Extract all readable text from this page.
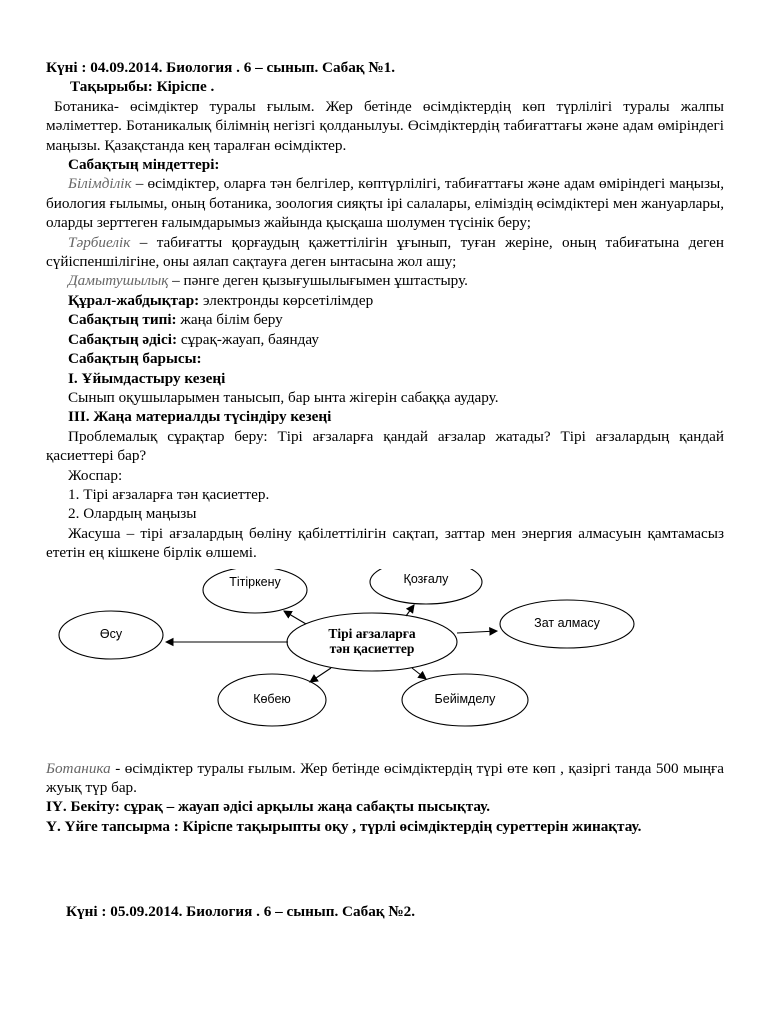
Күні : 04.09.2014. Биология . 6 – сынып. Сабақ №1.

Тақырыбы: Кіріспе .

Ботаника- өсімдіктер туралы ғылым. Жер бетінде өсімдіктердің көп түрлілігі туралы жалпы мәліметтер. Ботаникалық білімнің негізгі қолданылуы. Өсімдіктердің табиғаттағы және адам өміріндегі маңызы. Қазақстанда кең таралған өсімдіктер.

Сабақтың міндеттері:

Білімділік – өсімдіктер, оларға тән белгілер, көптүрлілігі, табиғаттағы және адам өміріндегі маңызы, биология ғылымы, оның ботаника, зоология сияқты ірі салалары, еліміздің өсімдіктері мен жануарлары, оларды зерттеген ғалымдарымыз жайында қысқаша шолумен түсінік беру;

Тәрбиелік – табиғатты қорғаудың қажеттілігін ұғынып, туған жеріне, оның табиғатына деген сүйіспеншілігіне, оны аялап сақтауға деген ынтасына жол ашу;

Дамытушылық – пәнге деген қызығушылығымен ұштастыру.

Құрал-жабдықтар: электронды көрсетілімдер

Сабақтың типі: жаңа білім беру

Сабақтың әдісі: сұрақ-жауап, баяндау

Сабақтың барысы:

І. Ұйымдастыру кезеңі

Сынып оқушыларымен танысып, бар ынта жігерін сабаққа аудару.

ІІІ. Жаңа материалды түсіндіру кезеңі

Проблемалық сұрақтар беру: Тірі ағзаларға қандай ағзалар жатады? Тірі ағзалардың қандай қасиеттері бар?

Жоспар:

1. Тірі ағзаларға тән қасиеттер.

2. Олардың маңызы

Жасуша – тірі ағзалардың бөліну қабілеттілігін сақтап, заттар мен энергия алмасуын қамтамасыз ететін ең кішкене бірлік өлшемі.

Тірі ағзаларға
тән қасиеттер
Өсу
Тітіркену	Қозғалу
Зат алмасу
Көбею	Бейімделу

Ботаника - өсімдіктер туралы ғылым. Жер бетінде өсімдіктердің түрі өте көп , қазіргі танда 500 мыңға жуық түр бар.

ІҮ. Бекіту: сұрақ – жауап әдісі арқылы жаңа сабақты пысықтау.

Ү. Үйге тапсырма : Кіріспе тақырыпты оқу , түрлі өсімдіктердің суреттерін жинақтау.

Күні : 05.09.2014. Биология . 6 – сынып. Сабақ №2.
